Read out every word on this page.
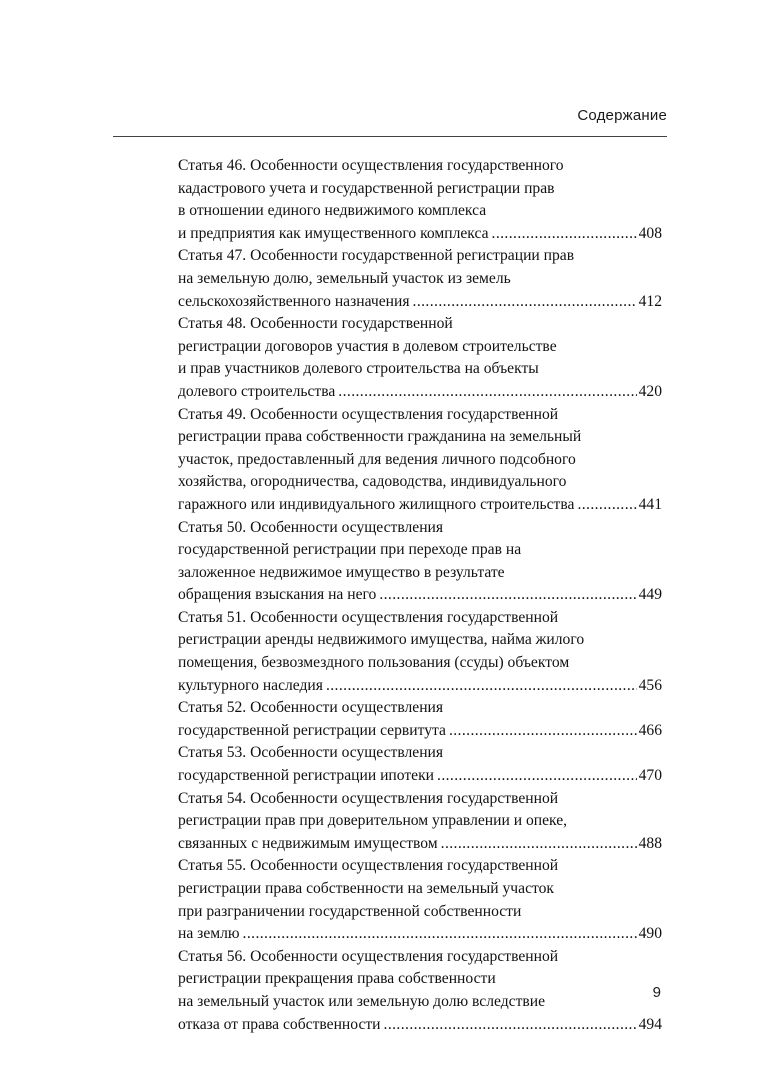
Содержание
Статья 46. Особенности осуществления государственного
кадастрового учета и государственной регистрации прав
в отношении единого недвижимого комплекса
и предприятия как имущественного комплекса .....	408
Статья 47. Особенности государственной регистрации прав
на земельную долю, земельный участок из земель
сельскохозяйственного назначения .....	412
Статья 48. Особенности государственной
регистрации договоров участия в долевом строительстве
и прав участников долевого строительства на объекты
долевого строительства .....	420
Статья 49. Особенности осуществления государственной
регистрации права собственности гражданина на земельный
участок, предоставленный для ведения личного подсобного
хозяйства, огородничества, садоводства, индивидуального
гаражного или индивидуального жилищного строительства .....	441
Статья 50. Особенности осуществления
государственной регистрации при переходе прав на
заложенное недвижимое имущество в результате
обращения взыскания на него .....	449
Статья 51. Особенности осуществления государственной
регистрации аренды недвижимого имущества, найма жилого
помещения, безвозмездного пользования (ссуды) объектом
культурного наследия .....	456
Статья 52. Особенности осуществления
государственной регистрации сервитута .....	466
Статья 53. Особенности осуществления
государственной регистрации ипотеки .....	470
Статья 54. Особенности осуществления государственной
регистрации прав при доверительном управлении и опеке,
связанных с недвижимым имуществом .....	488
Статья 55. Особенности осуществления государственной
регистрации права собственности на земельный участок
при разграничении государственной собственности
на землю .....	490
Статья 56. Особенности осуществления государственной
регистрации прекращения права собственности
на земельный участок или земельную долю вследствие
отказа от права собственности .....	494
9
